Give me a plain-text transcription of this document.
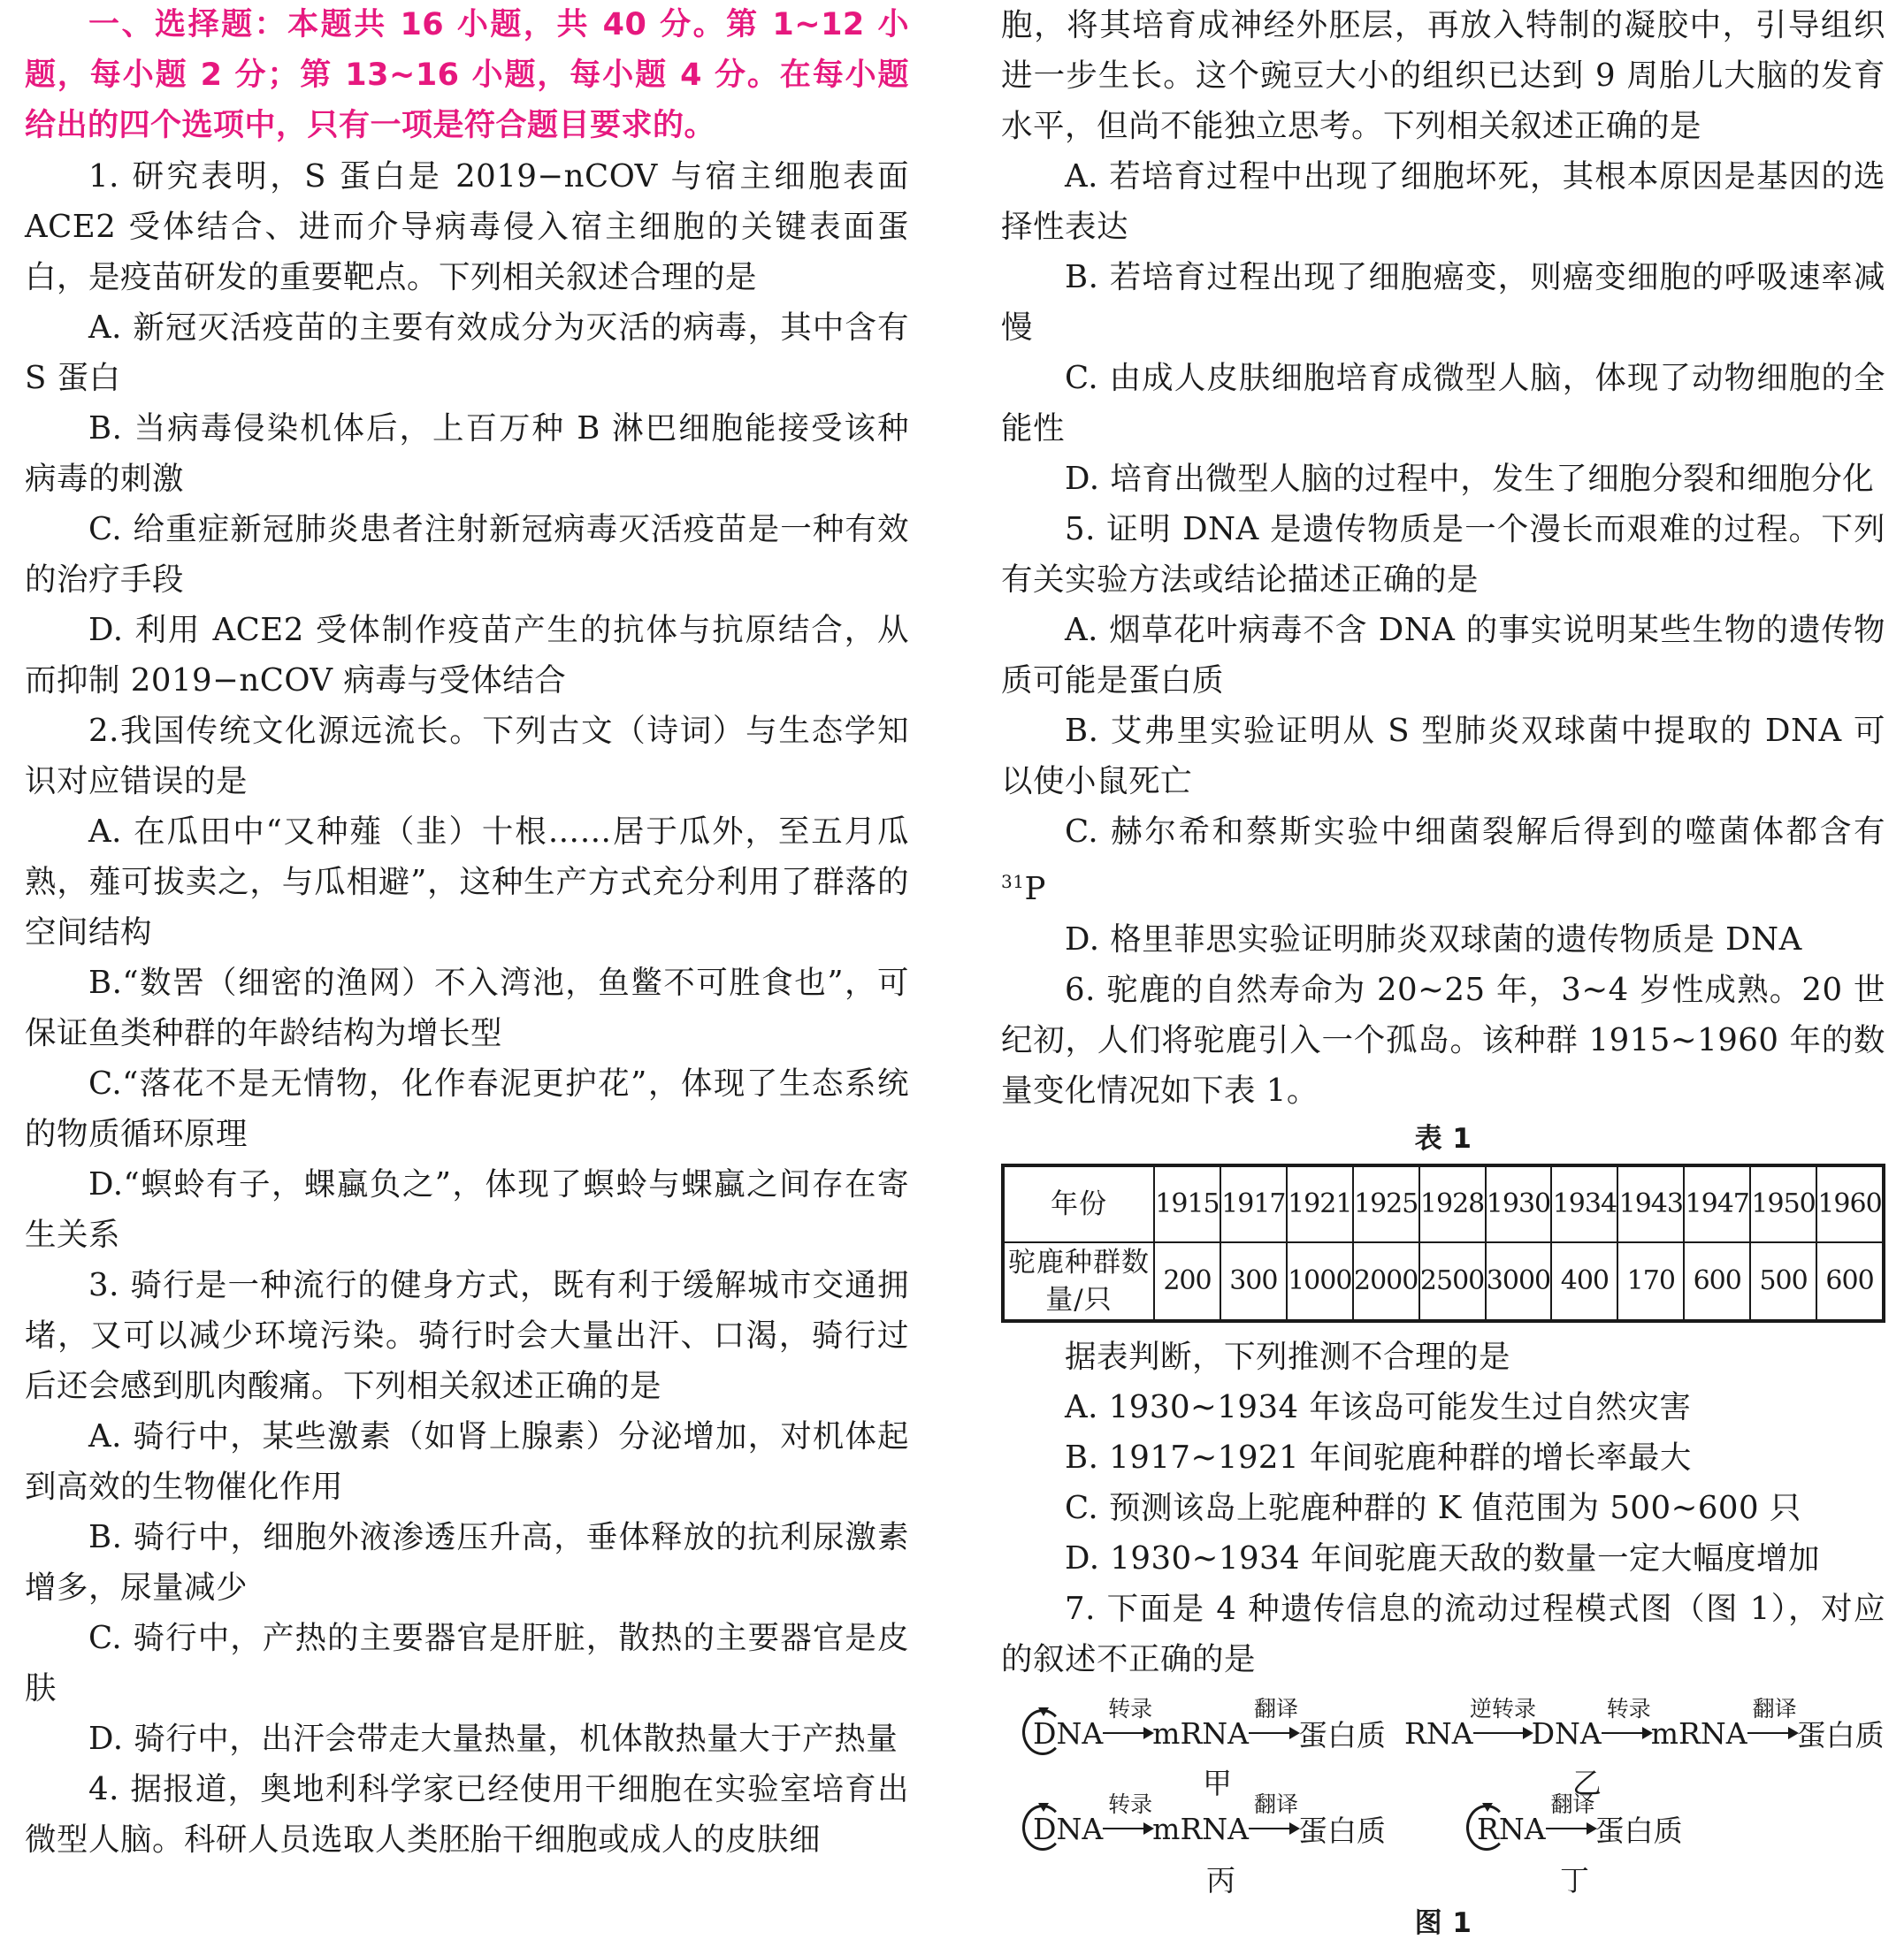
一、选择题：本题共 16 小题，共 40 分。第 1~12 小题，每小题 2 分；第 13~16 小题，每小题 4 分。在每小题给出的四个选项中，只有一项是符合题目要求的。

1. 研究表明，S 蛋白是 2019−nCOV 与宿主细胞表面 ACE2 受体结合、进而介导病毒侵入宿主细胞的关键表面蛋白，是疫苗研发的重要靶点。下列相关叙述合理的是

A. 新冠灭活疫苗的主要有效成分为灭活的病毒，其中含有 S 蛋白

B. 当病毒侵染机体后，上百万种 B 淋巴细胞能接受该种病毒的刺激

C. 给重症新冠肺炎患者注射新冠病毒灭活疫苗是一种有效的治疗手段

D. 利用 ACE2 受体制作疫苗产生的抗体与抗原结合，从而抑制 2019−nCOV 病毒与受体结合

2.我国传统文化源远流长。下列古文（诗词）与生态学知识对应错误的是

A. 在瓜田中“又种薤（韭）十根……居于瓜外，至五月瓜熟，薤可拔卖之，与瓜相避”，这种生产方式充分利用了群落的空间结构

B.“数罟（细密的渔网）不入湾池，鱼鳖不可胜食也”，可保证鱼类种群的年龄结构为增长型

C.“落花不是无情物，化作春泥更护花”，体现了生态系统的物质循环原理

D.“螟蛉有子，蜾蠃负之”，体现了螟蛉与蜾蠃之间存在寄生关系

3. 骑行是一种流行的健身方式，既有利于缓解城市交通拥堵，又可以减少环境污染。骑行时会大量出汗、口渴，骑行过后还会感到肌肉酸痛。下列相关叙述正确的是

A. 骑行中，某些激素（如肾上腺素）分泌增加，对机体起到高效的生物催化作用

B. 骑行中，细胞外液渗透压升高，垂体释放的抗利尿激素增多，尿量减少

C. 骑行中，产热的主要器官是肝脏，散热的主要器官是皮肤

D. 骑行中，出汗会带走大量热量，机体散热量大于产热量

4. 据报道，奥地利科学家已经使用干细胞在实验室培育出微型人脑。科研人员选取人类胚胎干细胞或成人的皮肤细

胞，将其培育成神经外胚层，再放入特制的凝胶中，引导组织进一步生长。这个豌豆大小的组织已达到 9 周胎儿大脑的发育水平，但尚不能独立思考。下列相关叙述正确的是

A. 若培育过程中出现了细胞坏死，其根本原因是基因的选择性表达

B. 若培育过程出现了细胞癌变，则癌变细胞的呼吸速率减慢

C. 由成人皮肤细胞培育成微型人脑，体现了动物细胞的全能性

D. 培育出微型人脑的过程中，发生了细胞分裂和细胞分化

5. 证明 DNA 是遗传物质是一个漫长而艰难的过程。下列有关实验方法或结论描述正确的是

A. 烟草花叶病毒不含 DNA 的事实说明某些生物的遗传物质可能是蛋白质

B. 艾弗里实验证明从 S 型肺炎双球菌中提取的 DNA 可以使小鼠死亡

C. 赫尔希和蔡斯实验中细菌裂解后得到的噬菌体都含有$^{31}$P

D. 格里菲思实验证明肺炎双球菌的遗传物质是 DNA

6. 驼鹿的自然寿命为 20~25 年，3~4 岁性成熟。20 世纪初，人们将驼鹿引入一个孤岛。该种群 1915~1960 年的数量变化情况如下表 1。

表 1

年份	1915	1917	1921	1925	1928	1930	1934	1943	1947	1950	1960
驼鹿种群数量/只	200	300	1000	2000	2500	3000	400	170	600	500	600

据表判断，下列推测不合理的是

A. 1930~1934 年该岛可能发生过自然灾害

B. 1917~1921 年间驼鹿种群的增长率最大

C. 预测该岛上驼鹿种群的 K 值范围为 500~600 只

D. 1930~1934 年间驼鹿天敌的数量一定大幅度增加

7. 下面是 4 种遗传信息的流动过程模式图（图 1），对应的叙述不正确的是

DNA
转录
mRNA
翻译
蛋白质
甲
RNA
逆转录
DNA
转录
mRNA
翻译
蛋白质
乙
DNA
转录
mRNA
翻译
蛋白质
丙
RNA
翻译
蛋白质
丁

图 1
